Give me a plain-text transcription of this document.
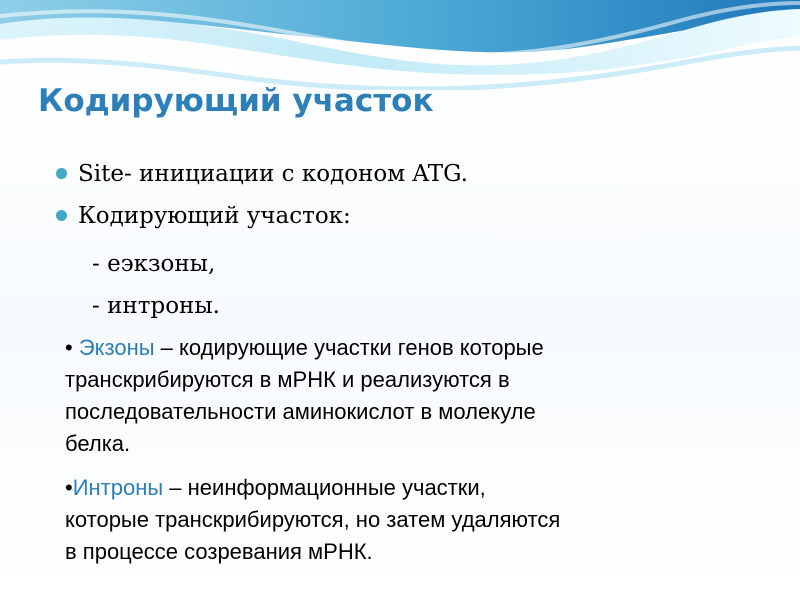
Кодирующий участок
Site- инициации с кодоном ATG.
Кодирующий участок:
- еэкзоны,
- интроны.
• Экзоны – кодирующие участки генов которые
транскрибируются в мРНК и реализуются в
последовательности аминокислот в молекуле
белка.
•Интроны – неинформационные участки,
которые транскрибируются, но затем удаляются
в процессе созревания мРНК.
